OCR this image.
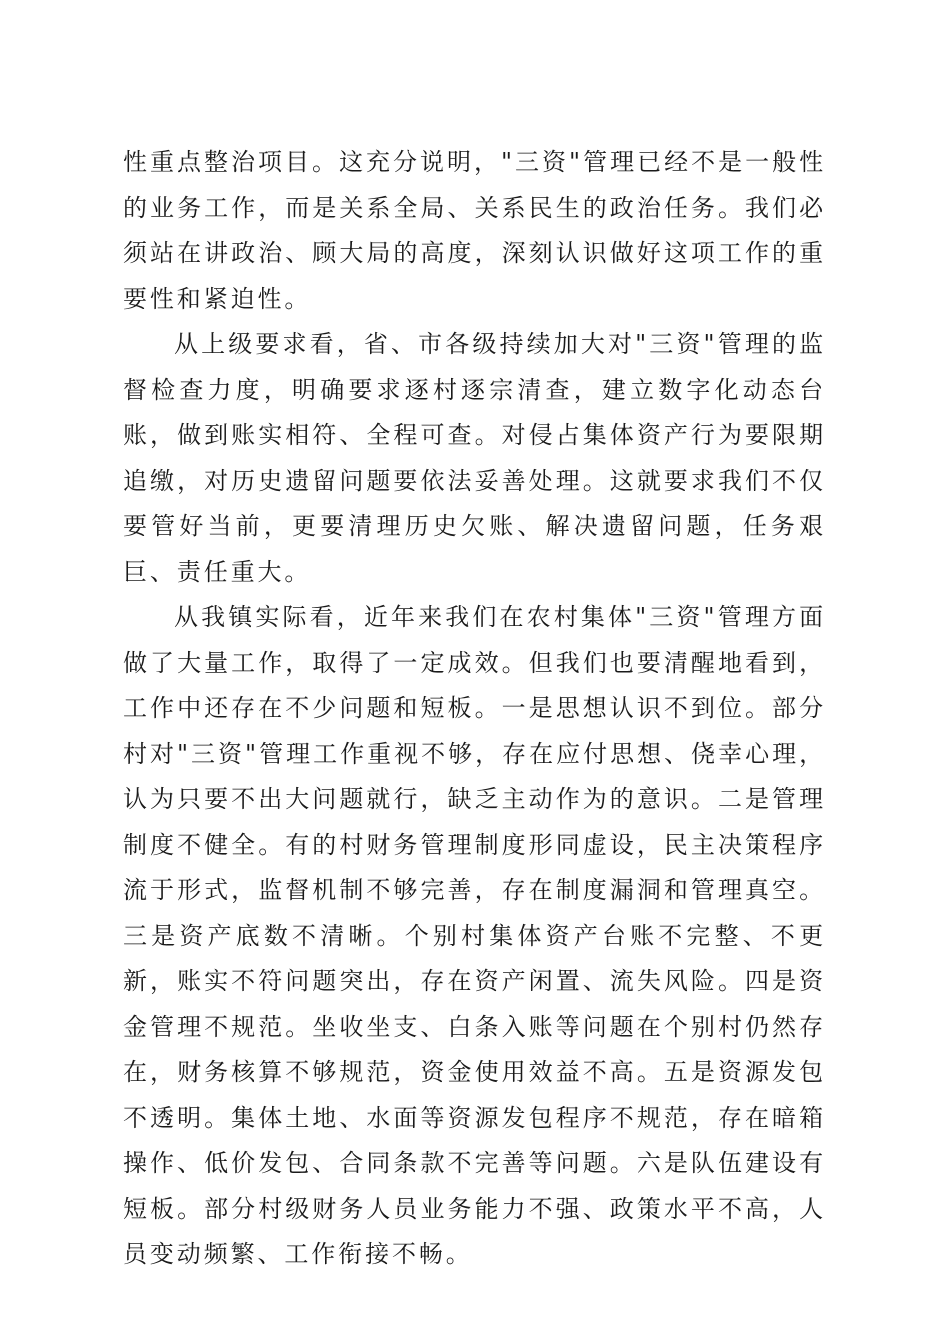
性重点整治项目。这充分说明，"三资"管理已经不是一般性的业务工作，而是关系全局、关系民生的政治任务。我们必须站在讲政治、顾大局的高度，深刻认识做好这项工作的重要性和紧迫性。

从上级要求看，省、市各级持续加大对"三资"管理的监督检查力度，明确要求逐村逐宗清查，建立数字化动态台账，做到账实相符、全程可查。对侵占集体资产行为要限期追缴，对历史遗留问题要依法妥善处理。这就要求我们不仅要管好当前，更要清理历史欠账、解决遗留问题，任务艰巨、责任重大。

从我镇实际看，近年来我们在农村集体"三资"管理方面做了大量工作，取得了一定成效。但我们也要清醒地看到，工作中还存在不少问题和短板。一是思想认识不到位。部分村对"三资"管理工作重视不够，存在应付思想、侥幸心理，认为只要不出大问题就行，缺乏主动作为的意识。二是管理制度不健全。有的村财务管理制度形同虚设，民主决策程序流于形式，监督机制不够完善，存在制度漏洞和管理真空。三是资产底数不清晰。个别村集体资产台账不完整、不更新，账实不符问题突出，存在资产闲置、流失风险。四是资金管理不规范。坐收坐支、白条入账等问题在个别村仍然存在，财务核算不够规范，资金使用效益不高。五是资源发包不透明。集体土地、水面等资源发包程序不规范，存在暗箱操作、低价发包、合同条款不完善等问题。六是队伍建设有短板。部分村级财务人员业务能力不强、政策水平不高，人员变动频繁、工作衔接不畅。
